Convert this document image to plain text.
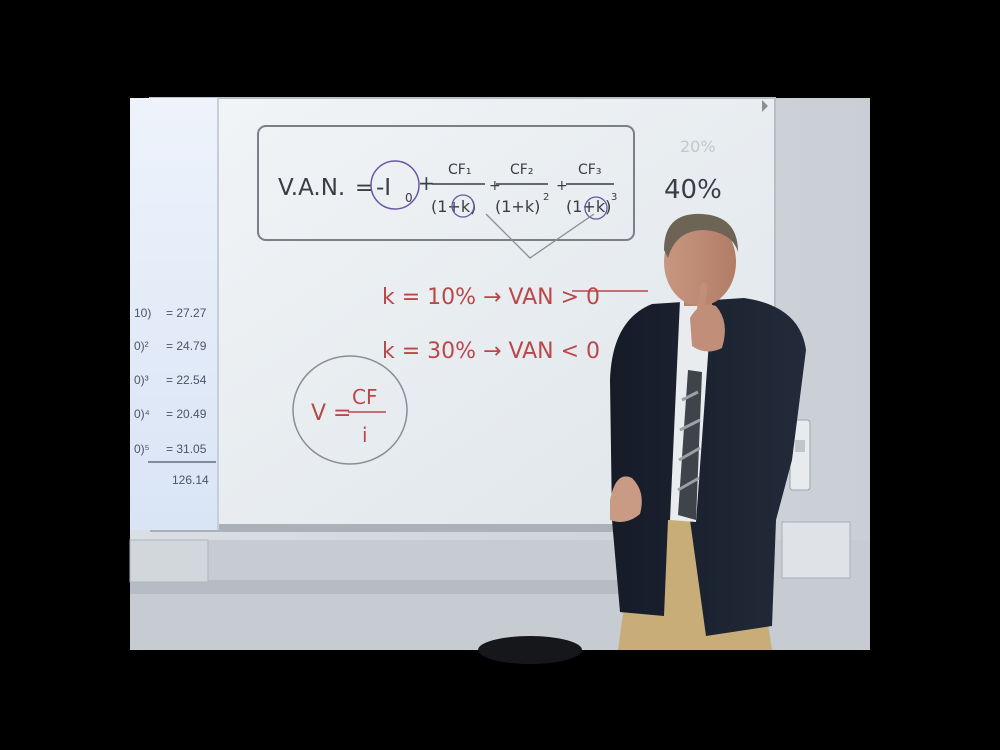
10) = 27.27
0)² = 24.79
0)³ = 22.54
0)⁴ = 20.49
0)⁵ = 31.05
126.14
V.A.N. = -I 0
+
CF₁
(1+k)
+
CF₂
(1+k) 2
+
CF₃
(1+k) 3
k = 10% → VAN > 0
k = 30% → VAN < 0
V =
CF
i
20%
40%
